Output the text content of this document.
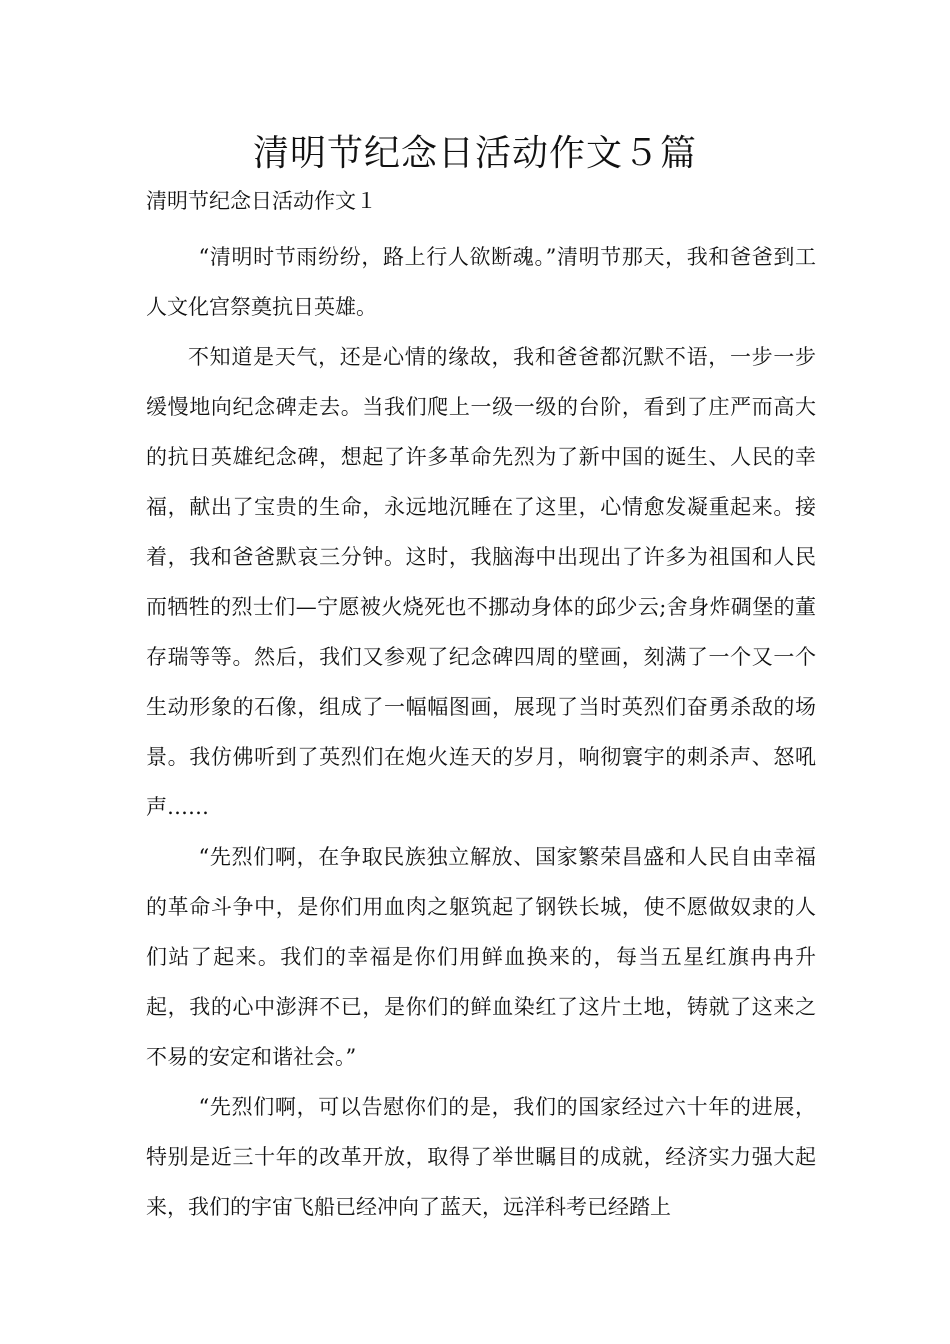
清明节纪念日活动作文５篇

清明节纪念日活动作文１

“清明时节雨纷纷，路上行人欲断魂。”清明节那天，我和爸爸到工人文化宫祭奠抗日英雄。

不知道是天气，还是心情的缘故，我和爸爸都沉默不语，一步一步缓慢地向纪念碑走去。当我们爬上一级一级的台阶，看到了庄严而高大的抗日英雄纪念碑，想起了许多革命先烈为了新中国的诞生、人民的幸福，献出了宝贵的生命，永远地沉睡在了这里，心情愈发凝重起来。接着，我和爸爸默哀三分钟。这时，我脑海中出现出了许多为祖国和人民而牺牲的烈士们—宁愿被火烧死也不挪动身体的邱少云;舍身炸碉堡的董存瑞等等。然后，我们又参观了纪念碑四周的壁画，刻满了一个又一个生动形象的石像，组成了一幅幅图画，展现了当时英烈们奋勇杀敌的场景。我仿佛听到了英烈们在炮火连天的岁月，响彻寰宇的刺杀声、怒吼声……

“先烈们啊，在争取民族独立解放、国家繁荣昌盛和人民自由幸福的革命斗争中，是你们用血肉之躯筑起了钢铁长城，使不愿做奴隶的人们站了起来。我们的幸福是你们用鲜血换来的，每当五星红旗冉冉升起，我的心中澎湃不已，是你们的鲜血染红了这片土地，铸就了这来之不易的安定和谐社会。”

“先烈们啊，可以告慰你们的是，我们的国家经过六十年的进展，特别是近三十年的改革开放，取得了举世瞩目的成就，经济实力强大起来，我们的宇宙飞船已经冲向了蓝天，远洋科考已经踏上
